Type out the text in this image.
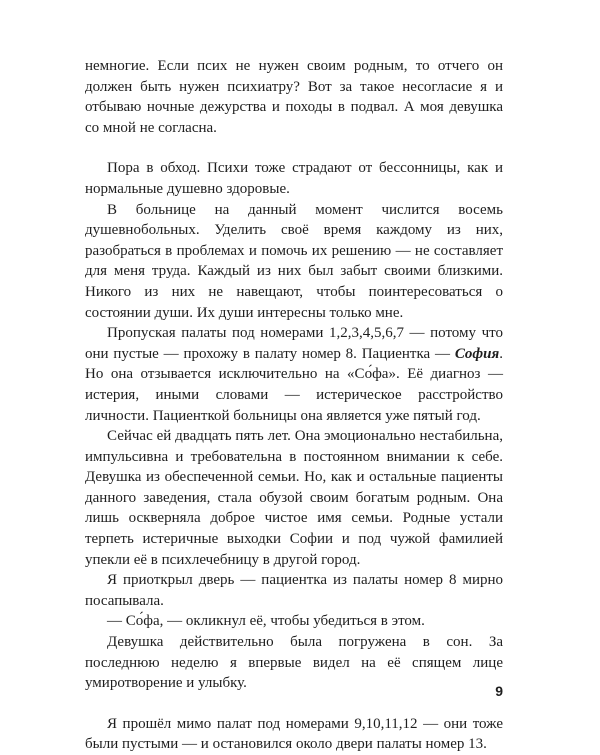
немногие. Если псих не нужен своим родным, то отчего он должен быть нужен психиатру? Вот за такое несогласие я и отбываю ночные дежурства и походы в подвал. А моя девушка со мной не согласна.

Пора в обход. Психи тоже страдают от бессонницы, как и нормальные душевно здоровые.

В больнице на данный момент числится восемь душевнобольных. Уделить своё время каждому из них, разобраться в проблемах и помочь их решению — не составляет для меня труда. Каждый из них был забыт своими близкими. Никого из них не навещают, чтобы поинтересоваться о состоянии души. Их души интересны только мне.

Пропуская палаты под номерами 1,2,3,4,5,6,7 — потому что они пустые — прохожу в палату номер 8. Пациентка — София. Но она отзывается исключительно на «Со́фа». Её диагноз — истерия, иными словами — истерическое расстройство личности. Пациенткой больницы она является уже пятый год.

Сейчас ей двадцать пять лет. Она эмоционально нестабильна, импульсивна и требовательна в постоянном внимании к себе. Девушка из обеспеченной семьи. Но, как и остальные пациенты данного заведения, стала обузой своим богатым родным. Она лишь оскверняла доброе чистое имя семьи. Родные устали терпеть истеричные выходки Софии и под чужой фамилией упекли её в психлечебницу в другой город.

Я приоткрыл дверь — пациентка из палаты номер 8 мирно посапывала.

— Со́фа, — окликнул её, чтобы убедиться в этом.

Девушка действительно была погружена в сон. За последнюю неделю я впервые видел на её спящем лице умиротворение и улыбку.

Я прошёл мимо палат под номерами 9,10,11,12 — они тоже были пустыми — и остановился около двери палаты номер 13.

9
